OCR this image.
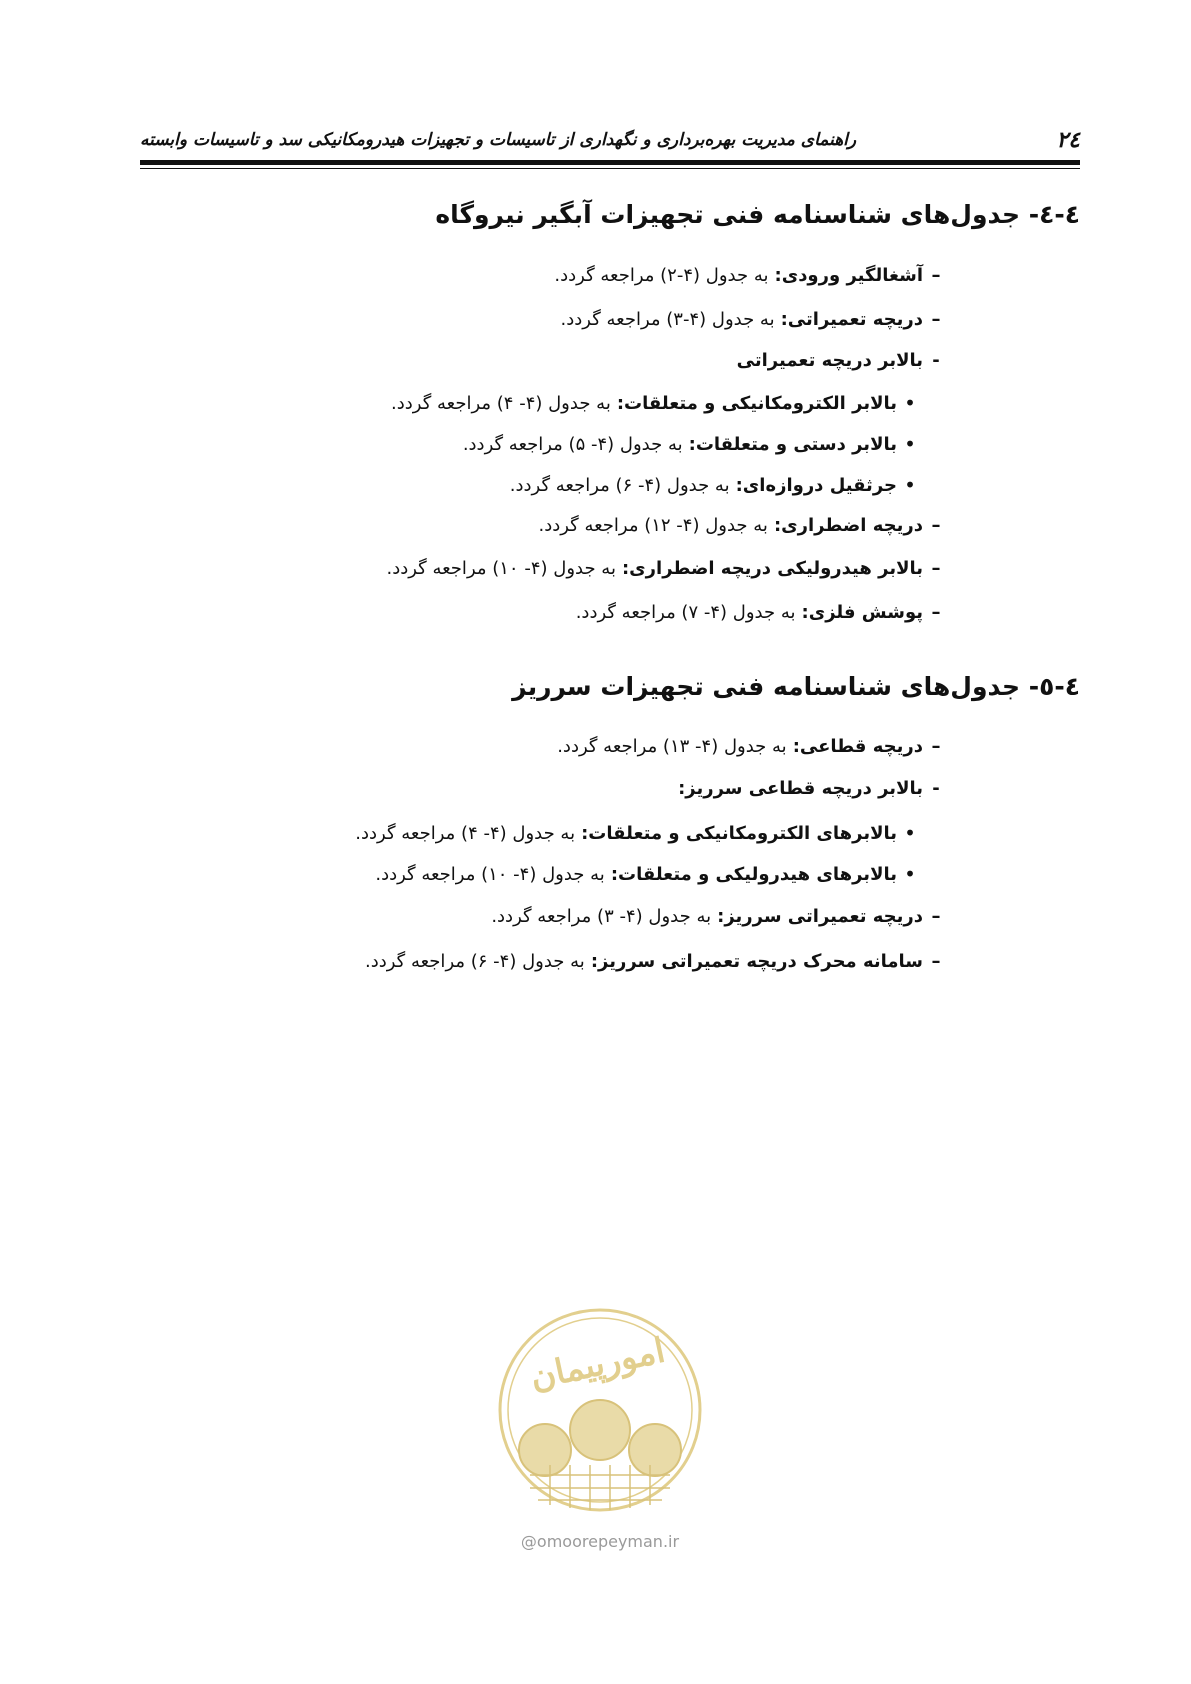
۲٤
راهنمای مدیریت بهره‌برداری و نگهداری از تاسیسات و تجهیزات هیدرومکانیکی سد و تاسیسات وابسته
٤-٤- جدول‌های شناسنامه فنی تجهیزات آبگیر نیروگاه
–
آشغالگیر ورودی:
به جدول (۴-۲) مراجعه گردد.
–
دریچه تعمیراتی:
به جدول (۴-۳) مراجعه گردد.
-
بالابر دریچه تعمیراتی
•
بالابر الکترومکانیکی و متعلقات:
به جدول (۴- ۴) مراجعه گردد.
•
بالابر دستی و متعلقات:
به جدول (۴- ۵) مراجعه گردد.
•
جرثقیل دروازه‌ای:
به جدول (۴- ۶) مراجعه گردد.
–
دریچه اضطراری:
به جدول (۴- ۱۲) مراجعه گردد.
–
بالابر هیدرولیکی دریچه اضطراری:
به جدول (۴- ۱۰) مراجعه گردد.
–
پوشش فلزی:
به جدول (۴- ۷) مراجعه گردد.
٤-٥- جدول‌های شناسنامه فنی تجهیزات سرریز
–
دریچه قطاعی:
به جدول (۴- ۱۳) مراجعه گردد.
-
بالابر دریچه قطاعی سرریز:
•
بالابرهای الکترومکانیکی و متعلقات:
به جدول (۴- ۴) مراجعه گردد.
•
بالابرهای هیدرولیکی و متعلقات:
به جدول (۴- ۱۰) مراجعه گردد.
–
دریچه تعمیراتی سرریز:
به جدول (۴- ۳) مراجعه گردد.
–
سامانه محرک دریچه تعمیراتی سرریز:
به جدول (۴- ۶) مراجعه گردد.
امورپیمان
@omoorepeyman.ir
